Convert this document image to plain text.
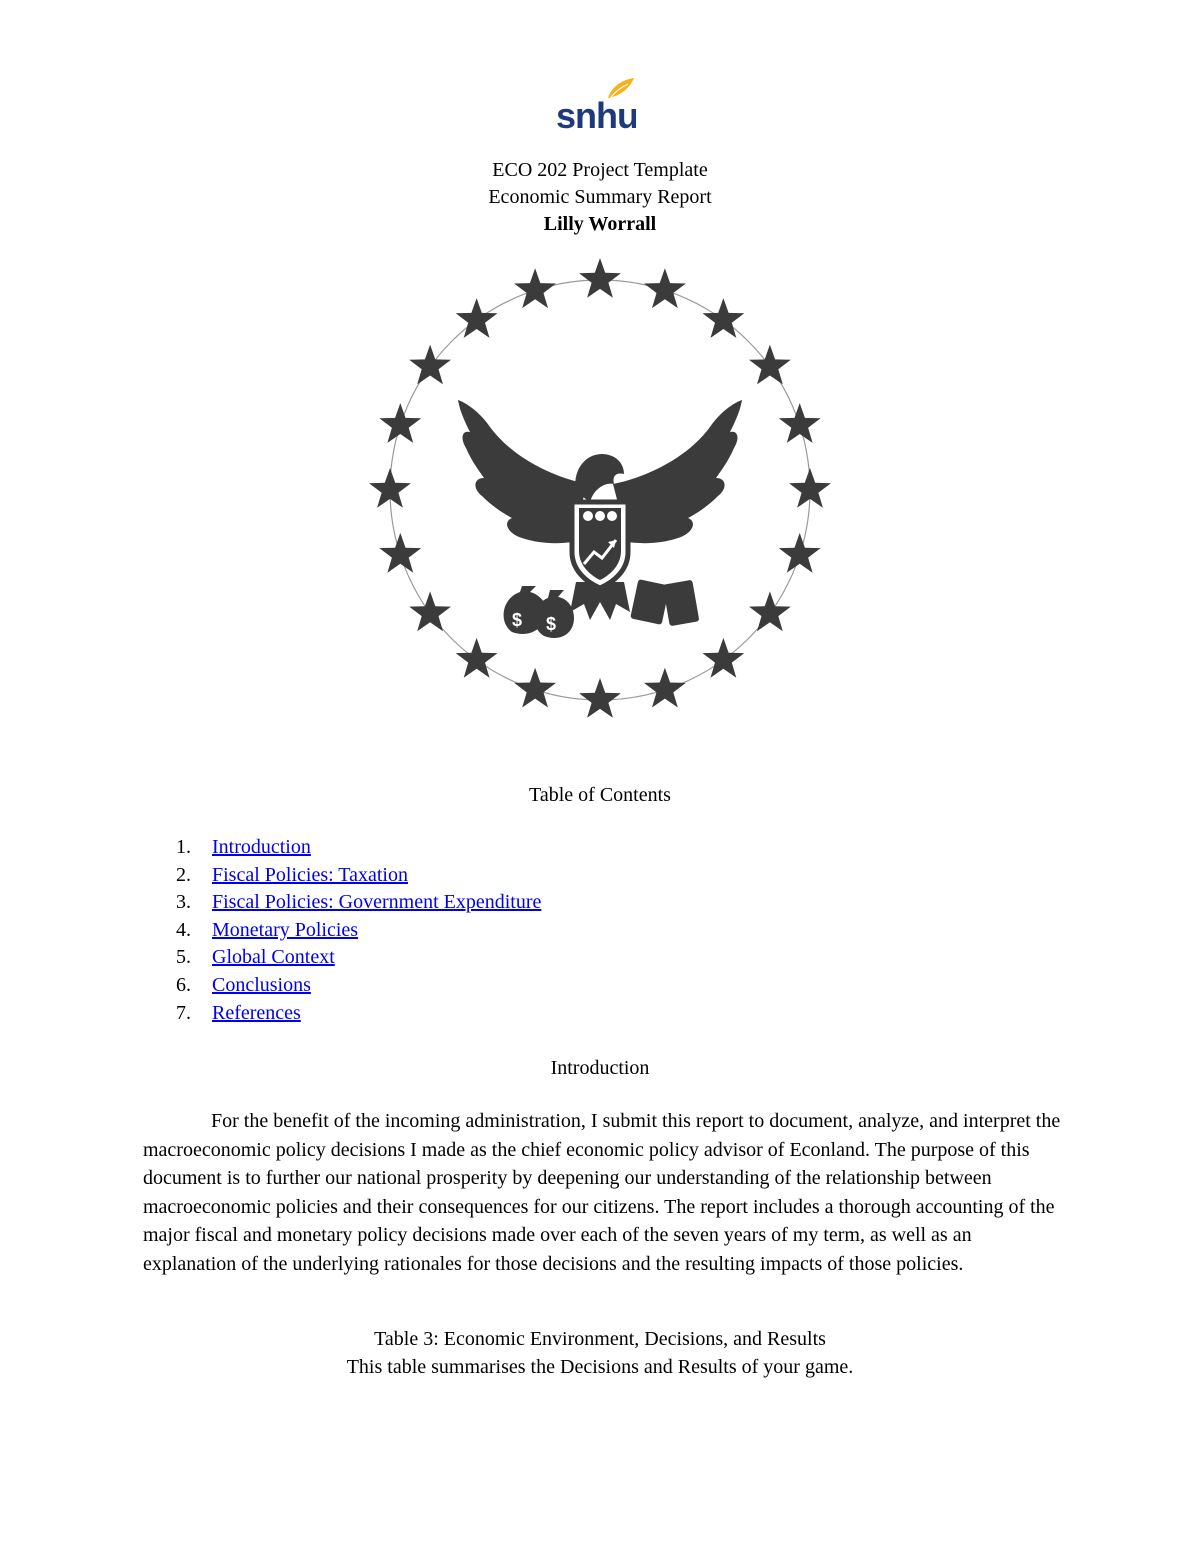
snhu
ECO 202 Project Template
Economic Summary Report
Lilly Worrall
$ $
Table of Contents
1. Introduction
2. Fiscal Policies: Taxation
3. Fiscal Policies: Government Expenditure
4. Monetary Policies
5. Global Context
6. Conclusions
7. References
Introduction

For the benefit of the incoming administration, I submit this report to document, analyze, and interpret the macroeconomic policy decisions I made as the chief economic policy advisor of Econland. The purpose of this document is to further our national prosperity by deepening our understanding of the relationship between macroeconomic policies and their consequences for our citizens. The report includes a thorough accounting of the major fiscal and monetary policy decisions made over each of the seven years of my term, as well as an explanation of the underlying rationales for those decisions and the resulting impacts of those policies.

Table 3: Economic Environment, Decisions, and Results
This table summarises the Decisions and Results of your game.
